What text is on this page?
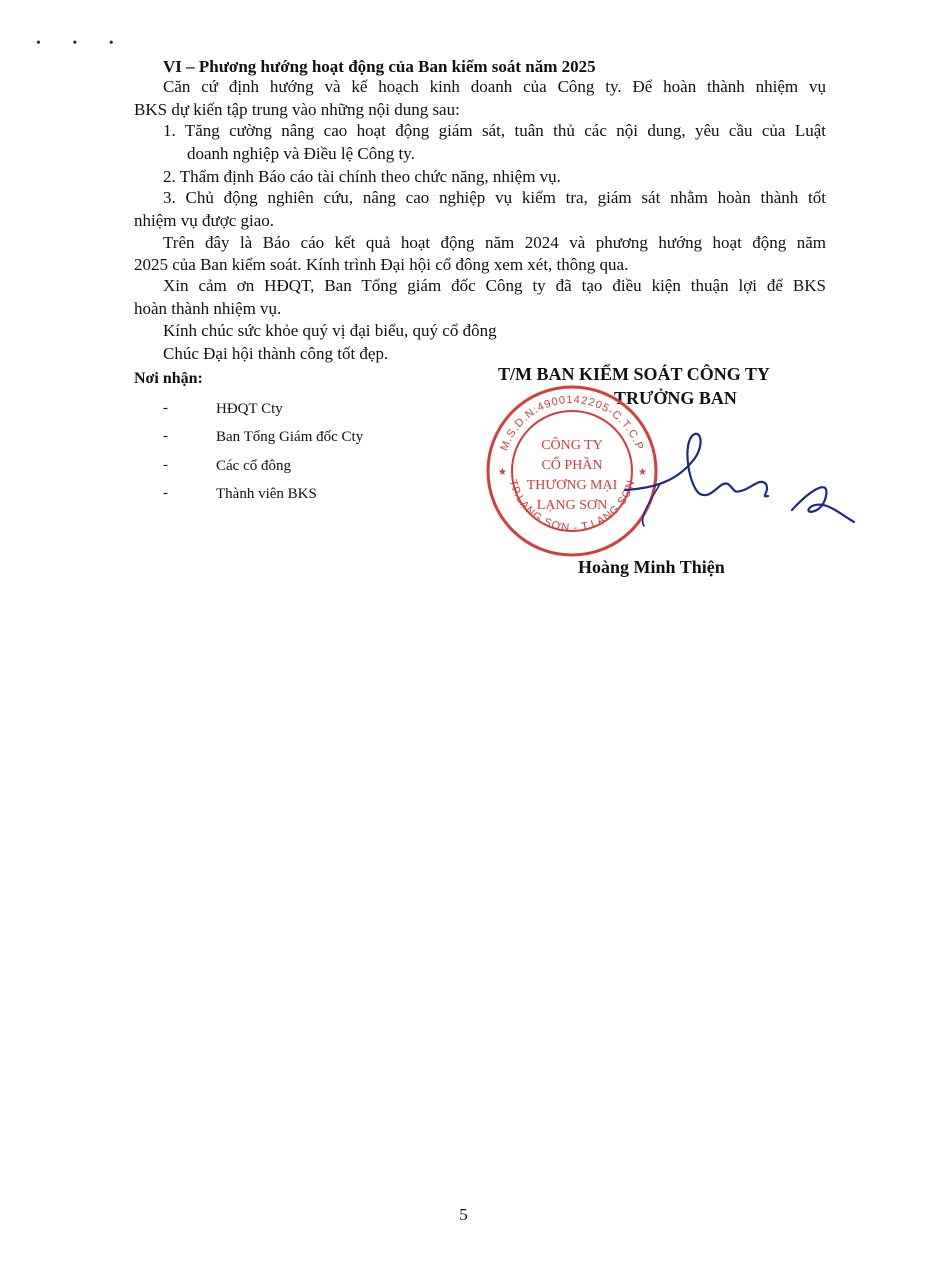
• • •
VI – Phương hướng hoạt động của Ban kiểm soát năm 2025
Căn cứ định hướng và kế hoạch kinh doanh của Công ty. Để hoàn thành nhiệm vụ
BKS dự kiến tập trung vào những nội dung sau:
1. Tăng cường nâng cao hoạt động giám sát, tuân thủ các nội dung, yêu cầu của Luật
doanh nghiệp và Điều lệ Công ty.
2. Thẩm định Báo cáo tài chính theo chức năng, nhiệm vụ.
3. Chủ động nghiên cứu, nâng cao nghiệp vụ kiểm tra, giám sát nhằm hoàn thành tốt
nhiệm vụ được giao.
Trên đây là Báo cáo kết quả hoạt động năm 2024 và phương hướng hoạt động năm
2025 của Ban kiểm soát. Kính trình Đại hội cổ đông xem xét, thông qua.
Xin cảm ơn HĐQT, Ban Tổng giám đốc Công ty đã tạo điều kiện thuận lợi để BKS
hoàn thành nhiệm vụ.
Kính chúc sức khỏe quý vị đại biểu, quý cổ đông
Chúc Đại hội thành công tốt đẹp.
Nơi nhận:
-	HĐQT Cty
-	Ban Tổng Giám đốc Cty
-	Các cổ đông
-	Thành viên BKS
T/M BAN KIỂM SOÁT CÔNG TY
TRƯỞNG BAN
M.S.D.N:4900142205-C.T.C.P
TP.LẠNG SƠN - T.LẠNG SƠN
★	★
CÔNG TY
CỔ PHẦN
THƯƠNG MẠI
LẠNG SƠN
Hoàng Minh Thiện
5
